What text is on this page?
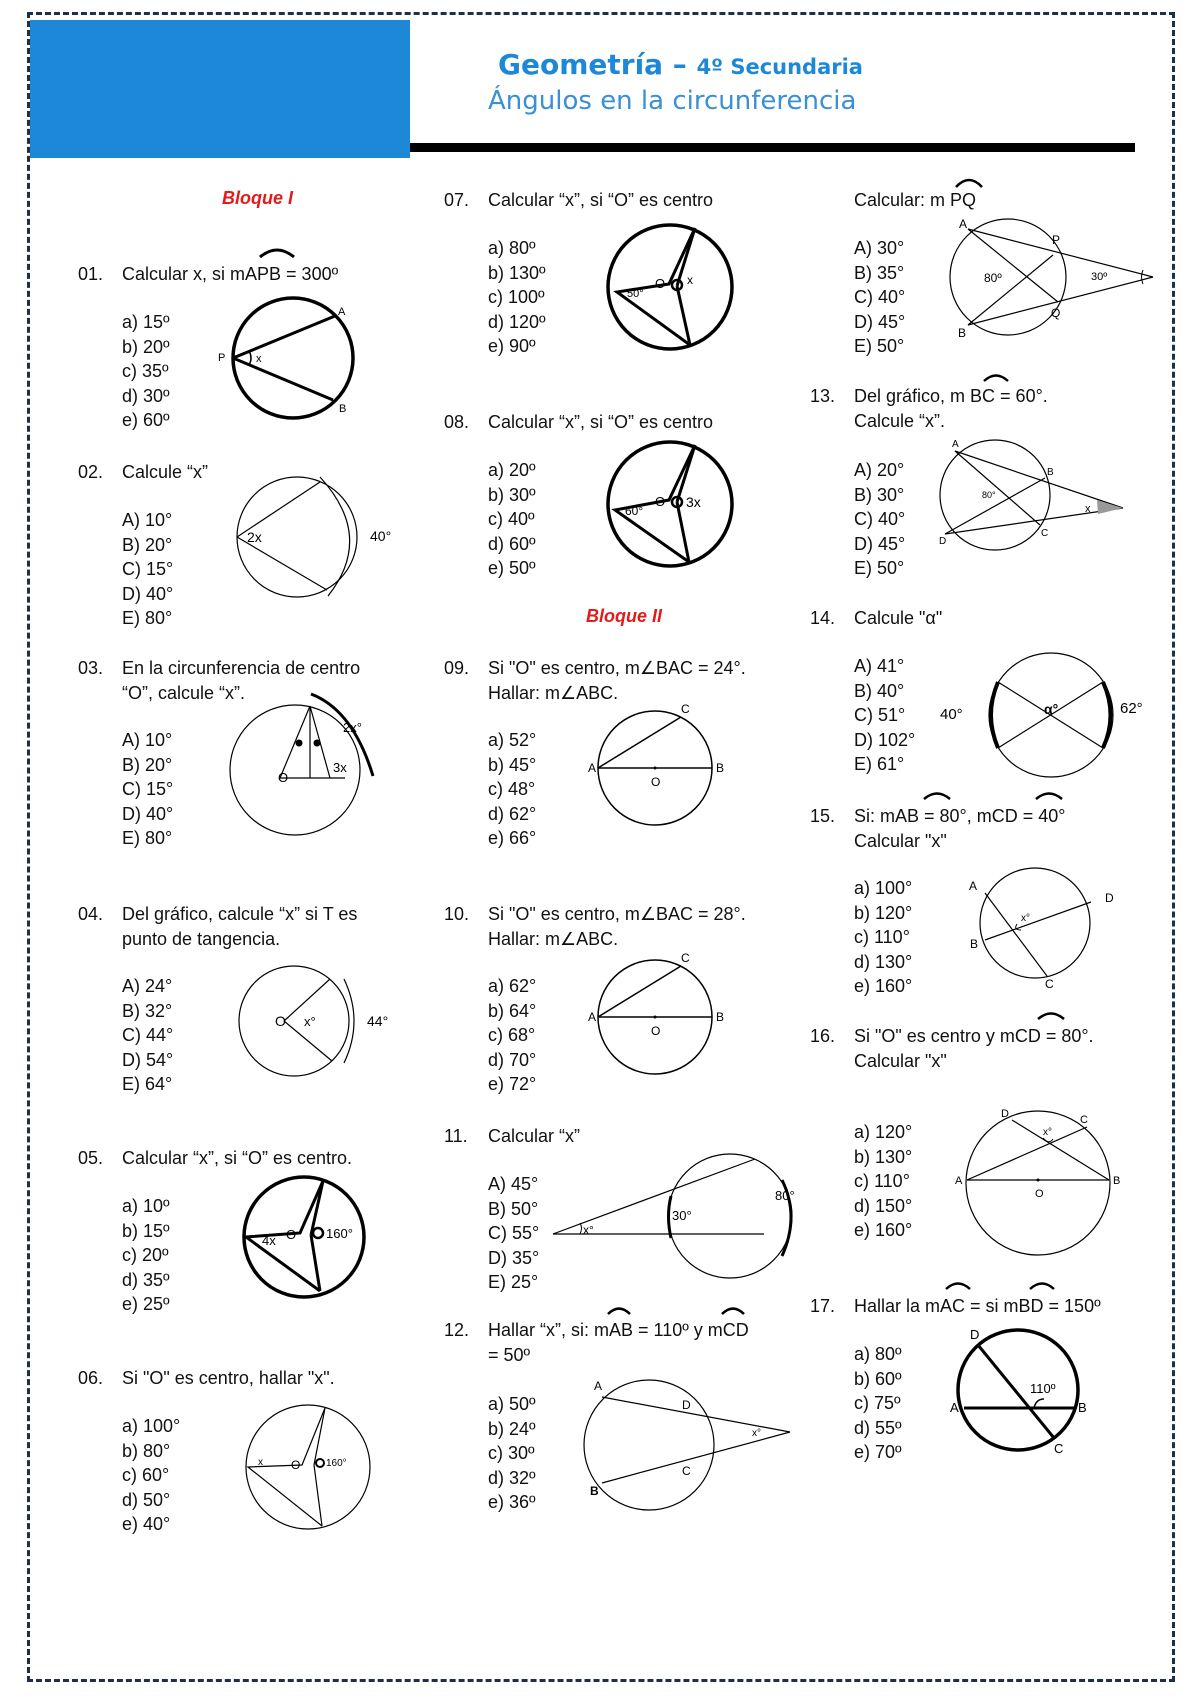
Geometría – 4º Secundaria
Ángulos en la circunferencia
Bloque I
01. Calcular x, si mAPB = 300º
a) 15º
b) 20º
c) 35º
d) 30º
e) 60º
A
P
B
x
02. Calcule “x”
A) 10°
B) 20°
C) 15°
D) 40°
E) 80°
40°
2x
03. En la circunferencia de centro
“O”, calcule “x”.
A) 10°
B) 20°
C) 15°
D) 40°
E) 80°
O
2x°
3x
04. Del gráfico, calcule “x” si T es
punto de tangencia.
A) 24°
B) 32°
C) 44°
D) 54°
E) 64°
O x°	44°
05. Calcular “x”, si “O” es centro.
a) 10º
b) 15º
c) 20º
d) 35º
e) 25º
O
4x	160°
06. Si "O" es centro, hallar "x".
a) 100°
b) 80°
c) 60°
d) 50°
e) 40°
O
x	160°
07. Calcular “x”, si “O” es centro
a) 80º
b) 130º
c) 100º
d) 120º
e) 90º
O
50°
x
08. Calcular “x”, si “O” es centro
a) 20º
b) 30º
c) 40º
d) 60º
e) 50º
O
60°
3x
Bloque II
09. Si "O" es centro, m∠BAC = 24°.
Hallar: m∠ABC.
a) 52°
b) 45°
c) 48°
d) 62°
e) 66°
A	B
C
O
10. Si "O" es centro, m∠BAC = 28°.
Hallar: m∠ABC.
a) 62°
b) 64°
c) 68°
d) 70°
e) 72°
A	B
C
O
11. Calcular “x”
A) 45°
B) 50°
C) 55°
D) 35°
E) 25°
x°
30°
80°
12. Hallar “x”, si: mAB = 110º y mCD
= 50º
a) 50º
b) 24º
c) 30º
d) 32º
e) 36º
A
B
D
C
x°
Calcular: m PQ
A) 30°
B) 35°
C) 40°
D) 45°
E) 50°
A
B
P
Q
80º	30º
13. Del gráfico, m BC = 60°.
Calcule “x”.
A) 20°
B) 30°
C) 40°
D) 45°
E) 50°
A
B
C
D
80°
x
14. Calcule "α"
A) 41°
B) 40°
C) 51°
D) 102°
E) 61°
40°	62°
α°
15. Si: mAB = 80°, mCD = 40°
Calcular "x"
a) 100°
b) 120°
c) 110°
d) 130°
e) 160°
A
B
C
D
x°
16. Si "O" es centro y mCD = 80°.
Calcular "x"
a) 120°
b) 130°
c) 110°
d) 150°
e) 160°
D	C
A	B
O
x°
17. Hallar la mAC = si mBD = 150º
a) 80º
b) 60º
c) 75º
d) 55º
e) 70º
D
A	B
C
110º
